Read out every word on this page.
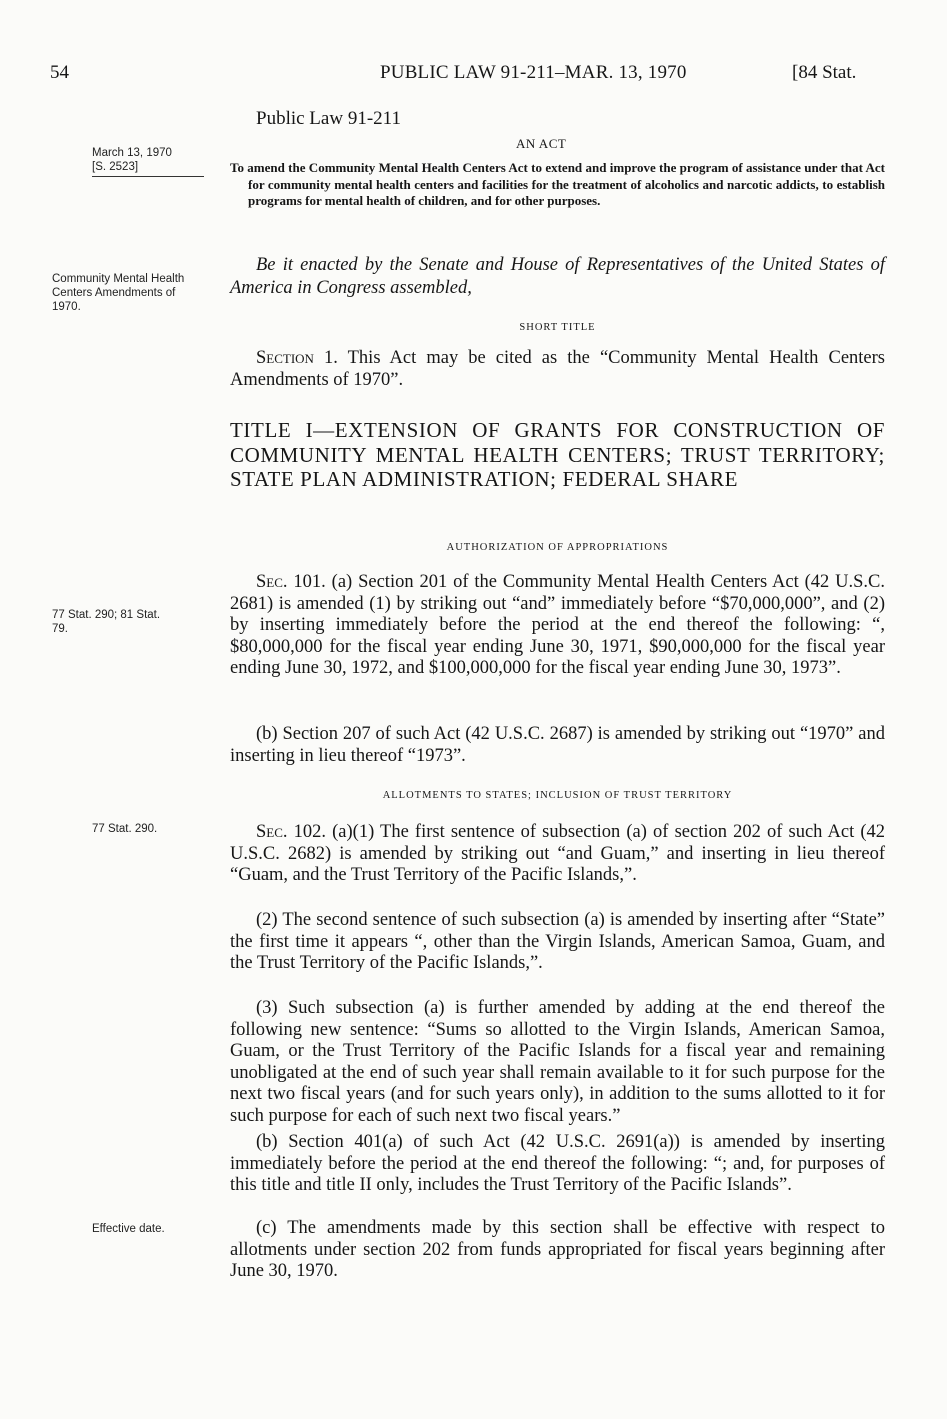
54	PUBLIC LAW 91-211–MAR. 13, 1970	[84 Stat.
March 13, 1970
[S. 2523]
Community Mental Health Centers Amendments of 1970.
77 Stat. 290; 81 Stat. 79.
77 Stat. 290.
Effective date.
Public Law 91-211
AN ACT
To amend the Community Mental Health Centers Act to extend and improve the program of assistance under that Act for community mental health centers and facilities for the treatment of alcoholics and narcotic addicts, to establish programs for mental health of children, and for other purposes.
Be it enacted by the Senate and House of Representatives of the United States of America in Congress assembled,
SHORT TITLE

Section 1. This Act may be cited as the “Community Mental Health Centers Amendments of 1970”.

TITLE I—EXTENSION OF GRANTS FOR CONSTRUCTION OF COMMUNITY MENTAL HEALTH CENTERS; TRUST TERRITORY; STATE PLAN ADMINISTRATION; FEDERAL SHARE
AUTHORIZATION OF APPROPRIATIONS

Sec. 101. (a) Section 201 of the Community Mental Health Centers Act (42 U.S.C. 2681) is amended (1) by striking out “and” immediately before “$70,000,000”, and (2) by inserting immediately before the period at the end thereof the following: “, $80,000,000 for the fiscal year ending June 30, 1971, $90,000,000 for the fiscal year ending June 30, 1972, and $100,000,000 for the fiscal year ending June 30, 1973”.

(b) Section 207 of such Act (42 U.S.C. 2687) is amended by striking out “1970” and inserting in lieu thereof “1973”.

ALLOTMENTS TO STATES; INCLUSION OF TRUST TERRITORY

Sec. 102. (a)(1) The first sentence of subsection (a) of section 202 of such Act (42 U.S.C. 2682) is amended by striking out “and Guam,” and inserting in lieu thereof “Guam, and the Trust Territory of the Pacific Islands,”.

(2) The second sentence of such subsection (a) is amended by inserting after “State” the first time it appears “, other than the Virgin Islands, American Samoa, Guam, and the Trust Territory of the Pacific Islands,”.

(3) Such subsection (a) is further amended by adding at the end thereof the following new sentence: “Sums so allotted to the Virgin Islands, American Samoa, Guam, or the Trust Territory of the Pacific Islands for a fiscal year and remaining unobligated at the end of such year shall remain available to it for such purpose for the next two fiscal years (and for such years only), in addition to the sums allotted to it for such purpose for each of such next two fiscal years.”

(b) Section 401(a) of such Act (42 U.S.C. 2691(a)) is amended by inserting immediately before the period at the end thereof the following: “; and, for purposes of this title and title II only, includes the Trust Territory of the Pacific Islands”.

(c) The amendments made by this section shall be effective with respect to allotments under section 202 from funds appropriated for fiscal years beginning after June 30, 1970.
